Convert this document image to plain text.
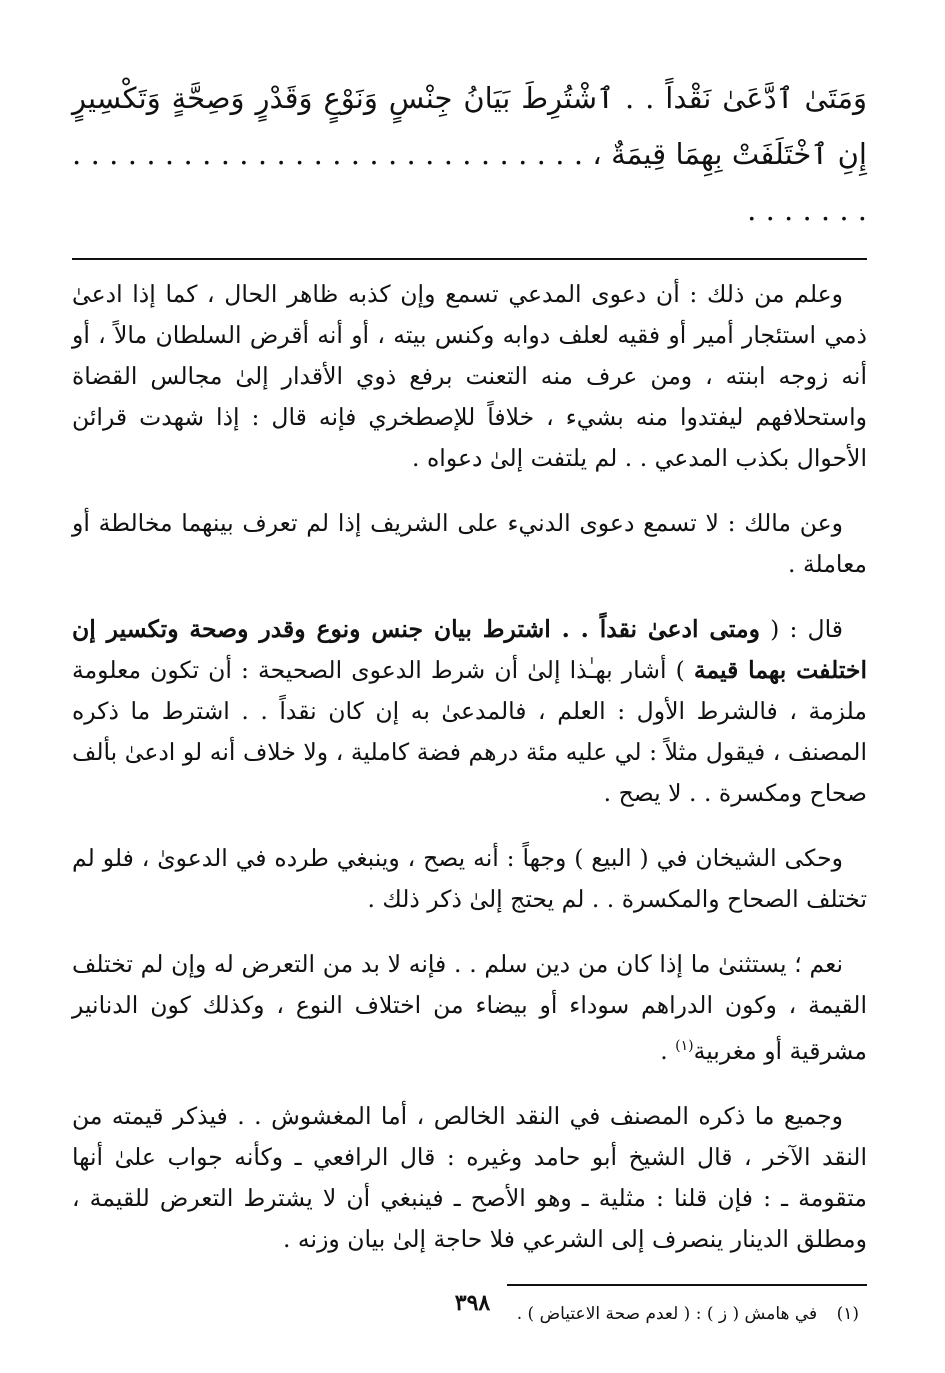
وَمَتَىٰ ٱدَّعَىٰ نَقْداً . . ٱشْتُرِطَ بَيَانُ جِنْسٍ وَنَوْعٍ وَقَدْرٍ وَصِحَّةٍ وَتَكْسِيرٍ إِنِ ٱخْتَلَفَتْ بِهِمَا قِيمَةٌ ، . . . . . . . . . . . . . . . . . . . . . . . . . . . . . . . . . . .

وعلم من ذلك : أن دعوى المدعي تسمع وإن كذبه ظاهر الحال ، كما إذا ادعىٰ ذمي استئجار أمير أو فقيه لعلف دوابه وكنس بيته ، أو أنه أقرض السلطان مالاً ، أو أنه زوجه ابنته ، ومن عرف منه التعنت برفع ذوي الأقدار إلىٰ مجالس القضاة واستحلافهم ليفتدوا منه بشيء ، خلافاً للإصطخري فإنه قال : إذا شهدت قرائن الأحوال بكذب المدعي . . لم يلتفت إلىٰ دعواه .

وعن مالك : لا تسمع دعوى الدنيء على الشريف إذا لم تعرف بينهما مخالطة أو معاملة .

قال : ( ومتى ادعىٰ نقداً . . اشترط بيان جنس ونوع وقدر وصحة وتكسير إن اختلفت بهما قيمة ) أشار بهـٰذا إلىٰ أن شرط الدعوى الصحيحة : أن تكون معلومة ملزمة ، فالشرط الأول : العلم ، فالمدعىٰ به إن كان نقداً . . اشترط ما ذكره المصنف ، فيقول مثلاً : لي عليه مئة درهم فضة كاملية ، ولا خلاف أنه لو ادعىٰ بألف صحاح ومكسرة . . لا يصح .

وحكى الشيخان في ( البيع ) وجهاً : أنه يصح ، وينبغي طرده في الدعوىٰ ، فلو لم تختلف الصحاح والمكسرة . . لم يحتج إلىٰ ذكر ذلك .

نعم ؛ يستثنىٰ ما إذا كان من دين سلم . . فإنه لا بد من التعرض له وإن لم تختلف القيمة ، وكون الدراهم سوداء أو بيضاء من اختلاف النوع ، وكذلك كون الدنانير مشرقية أو مغربية$^{(١)}$ .

وجميع ما ذكره المصنف في النقد الخالص ، أما المغشوش . . فيذكر قيمته من النقد الآخر ، قال الشيخ أبو حامد وغيره : قال الرافعي ـ وكأنه جواب علىٰ أنها متقومة ـ : فإن قلنا : مثلية ـ وهو الأصح ـ فينبغي أن لا يشترط التعرض للقيمة ، ومطلق الدينار ينصرف إلى الشرعي فلا حاجة إلىٰ بيان وزنه .

(١) في هامش ( ز ) : ( لعدم صحة الاعتياض ) .
٣٩٨
